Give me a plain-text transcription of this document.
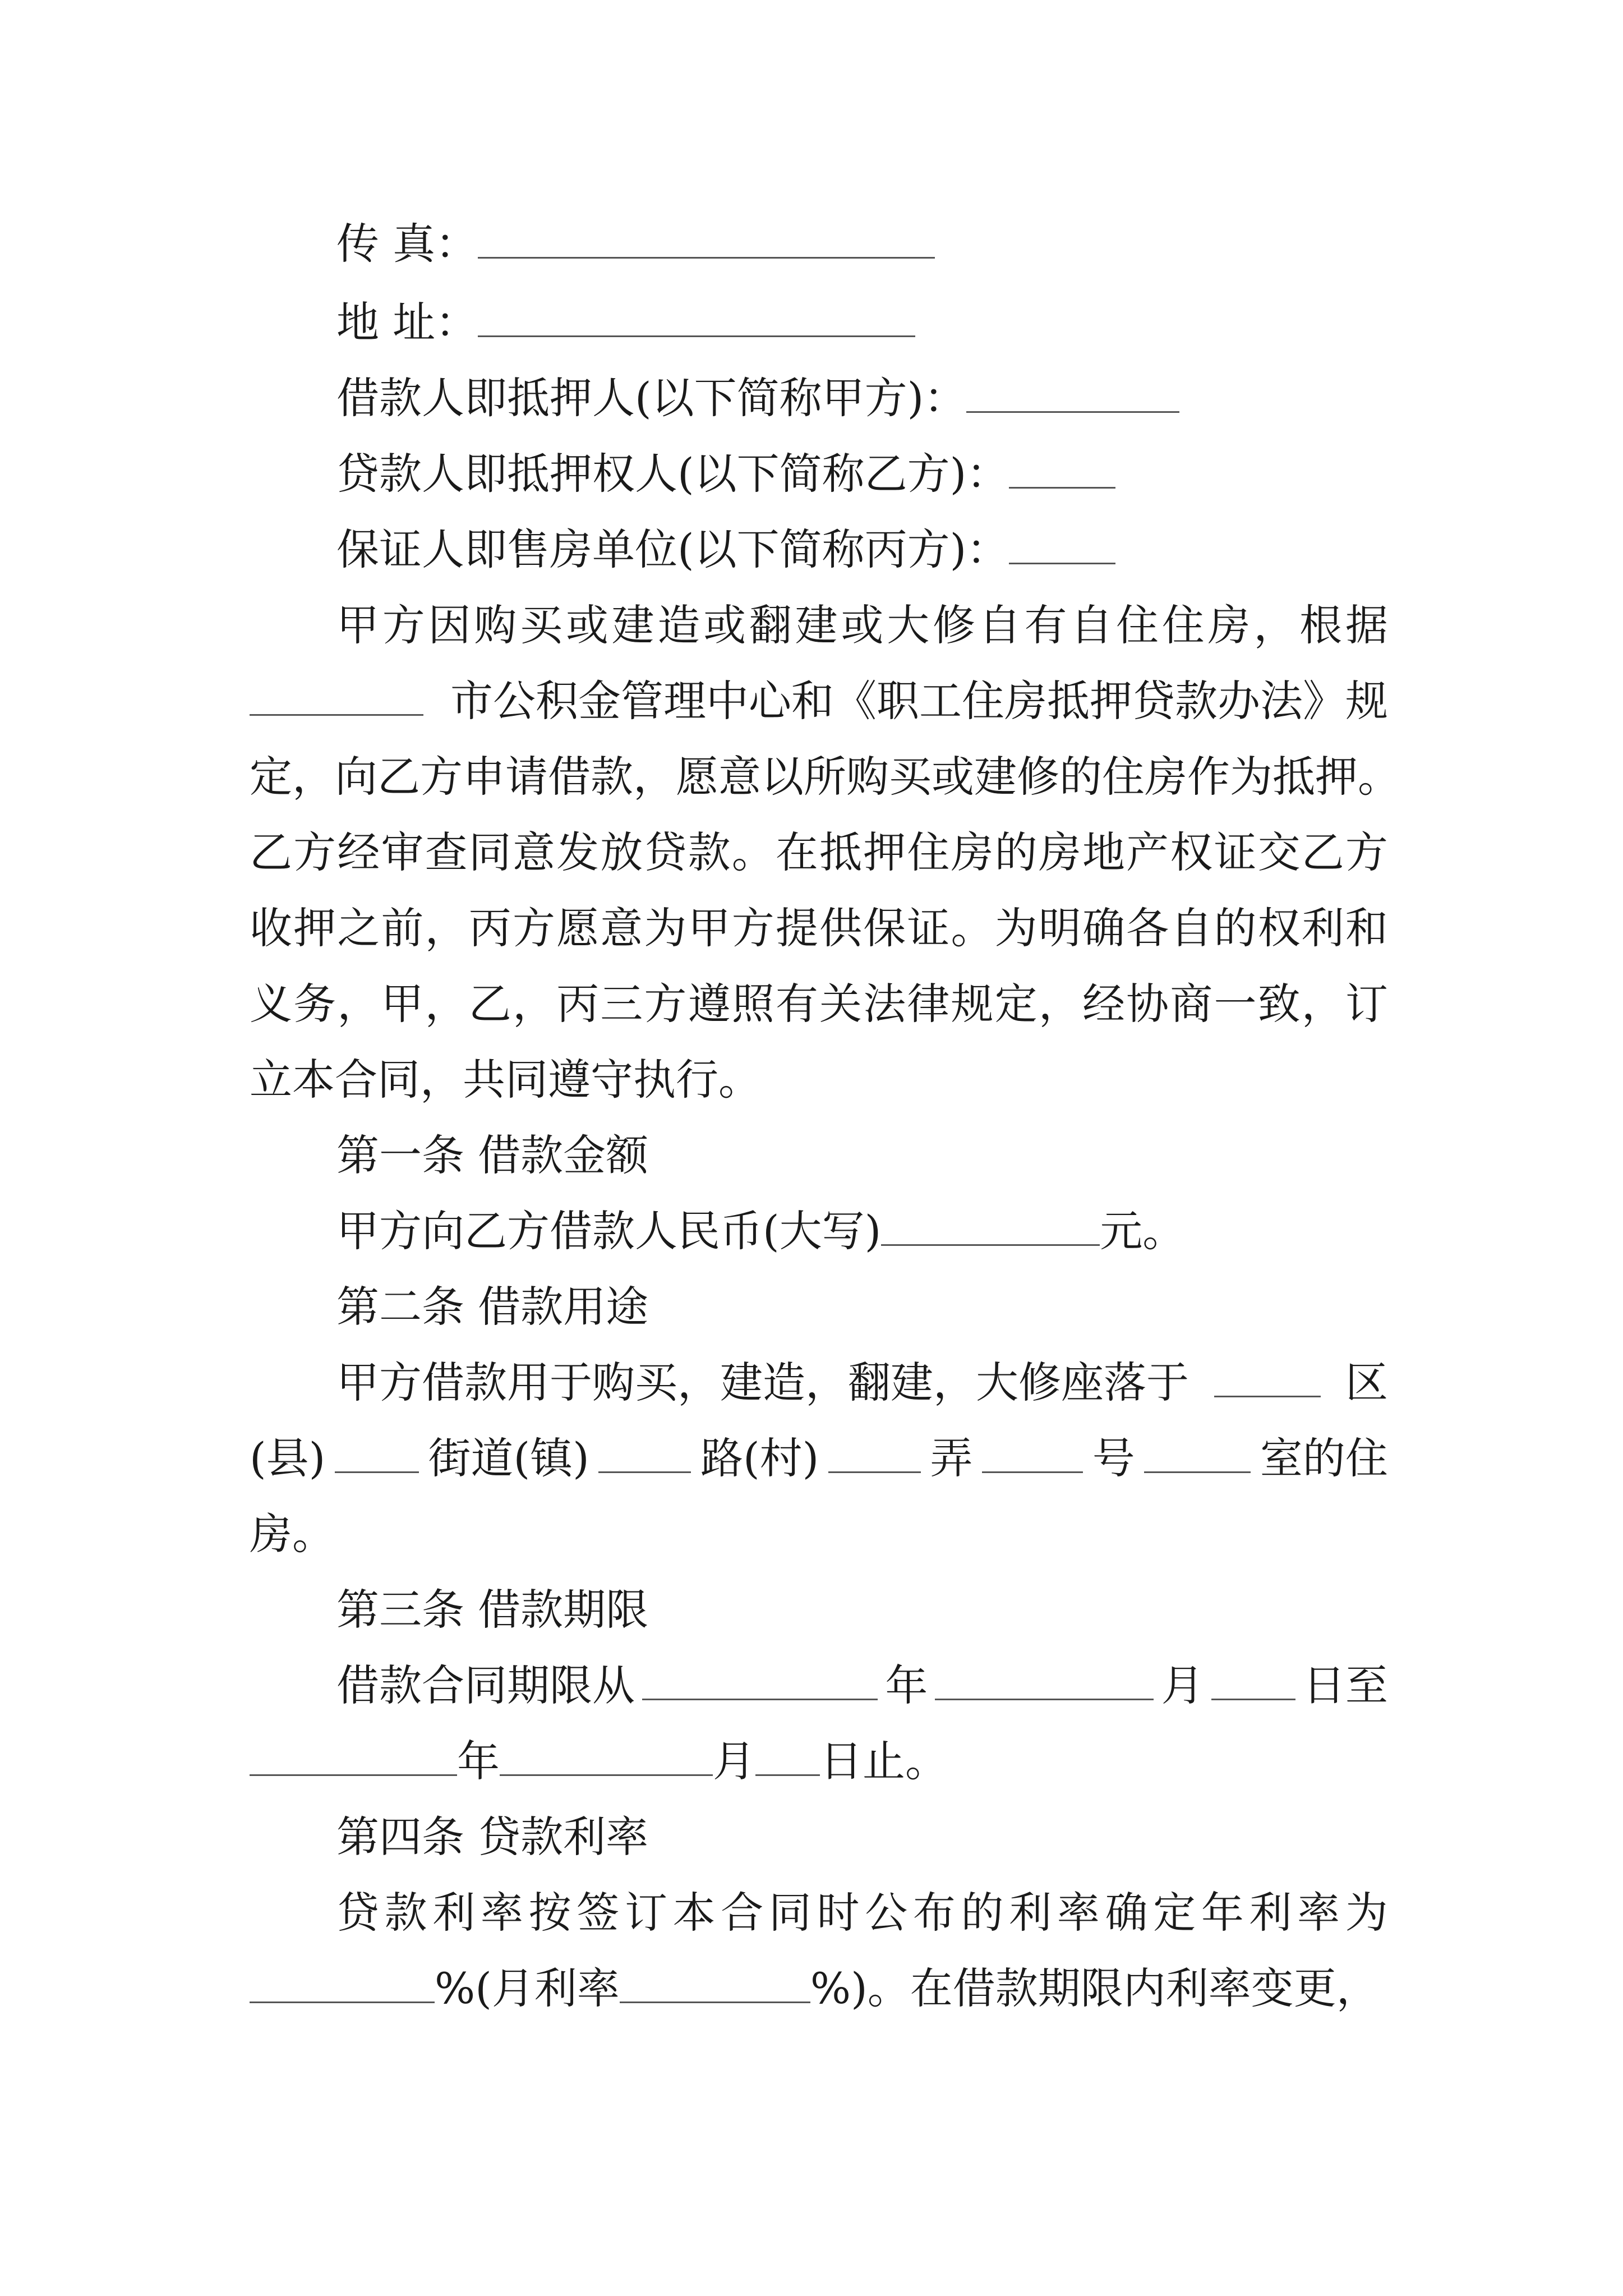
传 真：
地 址：
借款人即抵押人(以下简称甲方)：
贷款人即抵押权人(以下简称乙方)：
保证人即售房单位(以下简称丙方)：
甲 方 因 购 买 或 建 造 或 翻 建 或 大 修 自 有 自 住 住 房 ， 根 据
市公积金管理中心和《职工住房抵押贷款办法》规
定 ， 向 乙 方 申 请 借 款 ， 愿 意 以 所 购 买 或 建 修 的 住 房 作 为 抵 押 。
乙 方 经 审 查 同 意 发 放 贷 款 。 在 抵 押 住 房 的 房 地 产 权 证 交 乙 方
收 押 之 前 ， 丙 方 愿 意 为 甲 方 提 供 保 证 。 为 明 确 各 自 的 权 利 和
义 务 ， 甲 ， 乙 ， 丙 三 方 遵 照 有 关 法 律 规 定 ， 经 协 商 一 致 ， 订
立本合同，共同遵守执行。
第一条 借款金额
甲方向乙方借款人民币(大写)	元。
第二条 借款用途
甲方借款用于购买，建造，翻建，大修座落于	区
(县) 街道(镇)	路(村)	弄	号	室的住
房。
第三条 借款期限
借款合同期限从	年	月 日至
年	月 日止。
第四条 贷款利率
贷 款 利 率 按 签 订 本 合 同 时 公 布 的 利 率 确 定 年 利 率 为
%(月利率	%)。在借款期限内利率变更，
